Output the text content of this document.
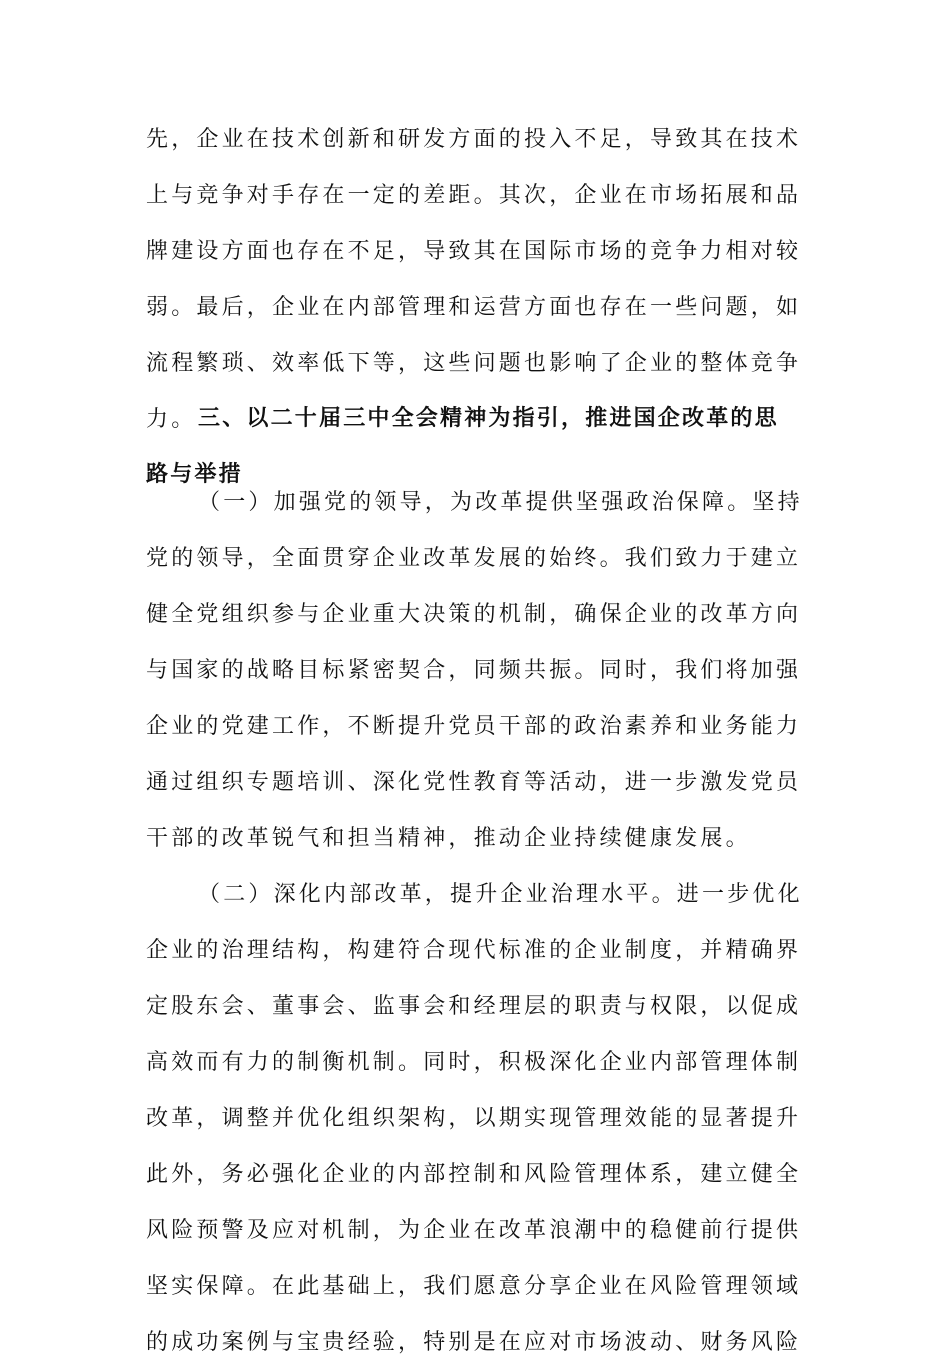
先，企业在技术创新和研发方面的投入不足，导致其在技术
上与竞争对手存在一定的差距。其次，企业在市场拓展和品
牌建设方面也存在不足，导致其在国际市场的竞争力相对较
弱。最后，企业在内部管理和运营方面也存在一些问题，如
流程繁琐、效率低下等，这些问题也影响了企业的整体竞争
力。 三、以二十届三中全会精神为指引，推进国企改革的思
路与举措
（一）加强党的领导，为改革提供坚强政治保障。坚持
党的领导，全面贯穿企业改革发展的始终。我们致力于建立
健全党组织参与企业重大决策的机制，确保企业的改革方向
与国家的战略目标紧密契合，同频共振。同时，我们将加强
企业的党建工作，不断提升党员干部的政治素养和业务能力
通过组织专题培训、深化党性教育等活动，进一步激发党员
干部的改革锐气和担当精神，推动企业持续健康发展。
（二）深化内部改革，提升企业治理水平。进一步优化
企业的治理结构，构建符合现代标准的企业制度，并精确界
定股东会、董事会、监事会和经理层的职责与权限，以促成
高效而有力的制衡机制。同时，积极深化企业内部管理体制
改革，调整并优化组织架构，以期实现管理效能的显著提升
此外，务必强化企业的内部控制和风险管理体系，建立健全
风险预警及应对机制，为企业在改革浪潮中的稳健前行提供
坚实保障。在此基础上，我们愿意分享企业在风险管理领域
的成功案例与宝贵经验，特别是在应对市场波动、财务风险
